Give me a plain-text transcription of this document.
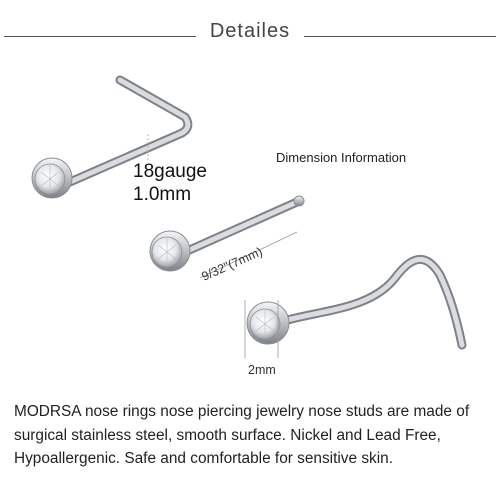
Detailes
9/32"(7mm)
2mm
Dimension Information
18gauge
1.0mm
MODRSA nose rings nose piercing jewelry nose studs are made of surgical stainless steel, smooth surface. Nickel and Lead Free, Hypoallergenic. Safe and comfortable for sensitive skin.
